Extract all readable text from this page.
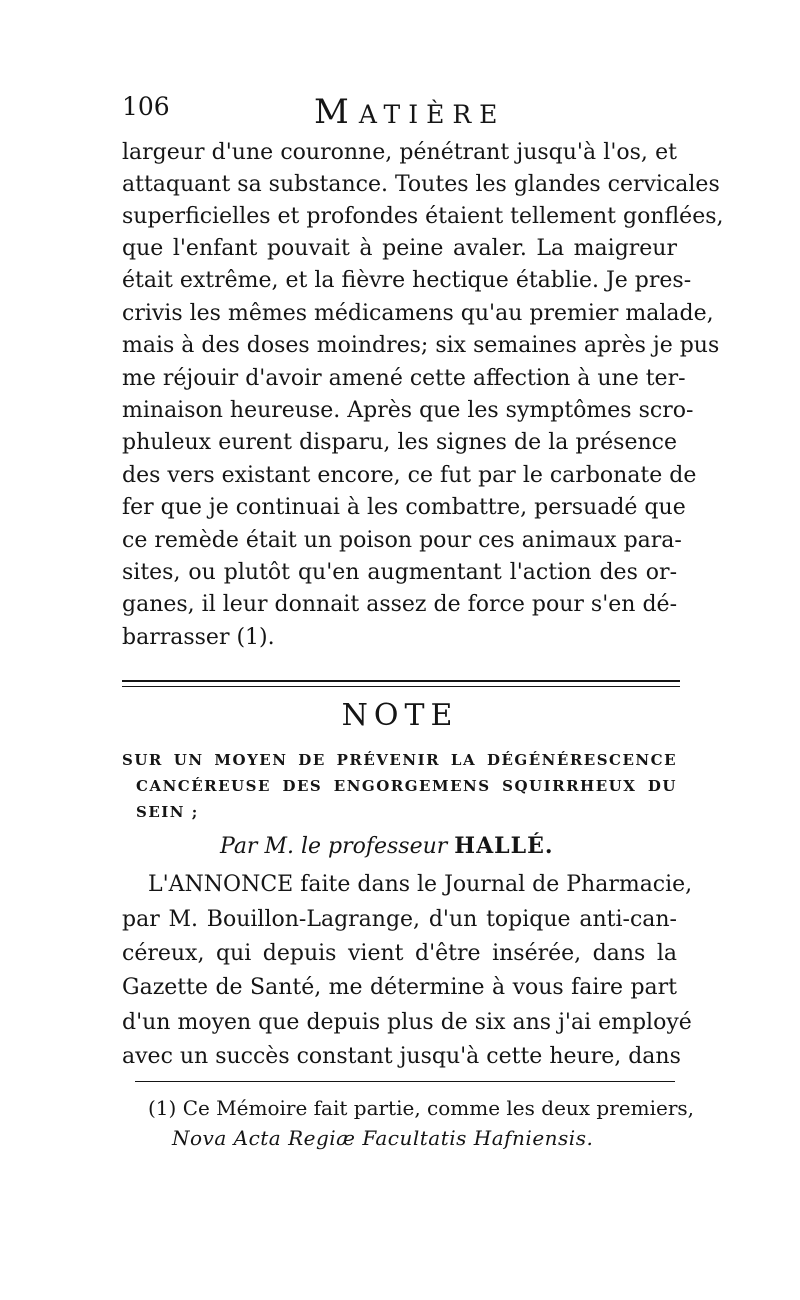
106	MATIÈRE
largeur d'une couronne, pénétrant jusqu'à l'os, et
attaquant sa substance. Toutes les glandes cervicales
superficielles et profondes étaient tellement gonflées,
que l'enfant pouvait à peine avaler. La maigreur
était extrême, et la fièvre hectique établie. Je pres-
crivis les mêmes médicamens qu'au premier malade,
mais à des doses moindres; six semaines après je pus
me réjouir d'avoir amené cette affection à une ter-
minaison heureuse. Après que les symptômes scro-
phuleux eurent disparu, les signes de la présence
des vers existant encore, ce fut par le carbonate de
fer que je continuai à les combattre, persuadé que
ce remède était un poison pour ces animaux para-
sites, ou plutôt qu'en augmentant l'action des or-
ganes, il leur donnait assez de force pour s'en dé-
barrasser (1).
NOTE
SUR UN MOYEN DE PRÉVENIR LA DÉGÉNÉRESCENCE
CANCÉREUSE DES ENGORGEMENS SQUIRRHEUX DU
SEIN ;
Par M. le professeur HALLÉ.
L'ANNONCE faite dans le Journal de Pharmacie,
par M. Bouillon-Lagrange, d'un topique anti-can-
céreux, qui depuis vient d'être insérée, dans la
Gazette de Santé, me détermine à vous faire part
d'un moyen que depuis plus de six ans j'ai employé
avec un succès constant jusqu'à cette heure, dans
(1) Ce Mémoire fait partie, comme les deux premiers,
Nova Acta Regiæ Facultatis Hafniensis.
